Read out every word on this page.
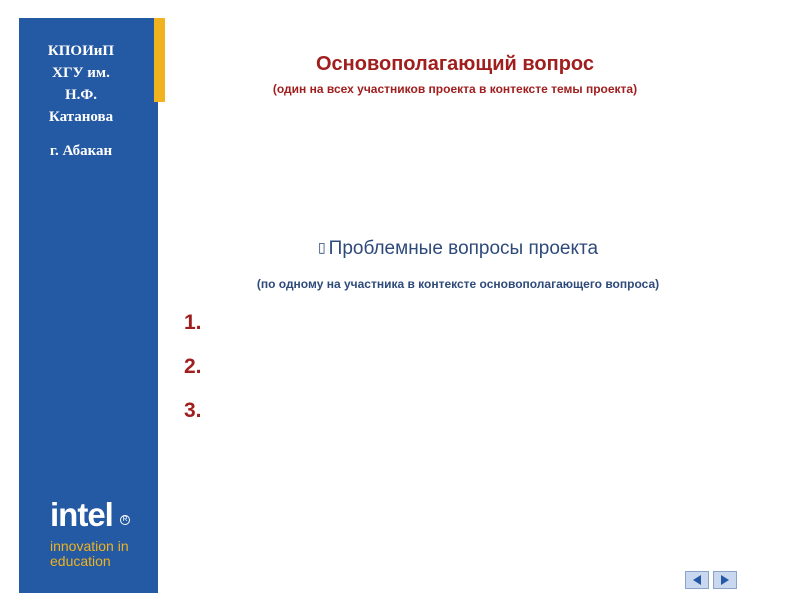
КПОИиП
ХГУ им.
Н.Ф.
Катанова
г. Абакан
intel	R
innovation in
education
Основополагающий вопрос
(один на всех участников проекта в контексте темы проекта)
▯ Проблемные вопросы проекта
(по одному на участника в контексте основополагающего вопроса)
1.
2.
3.
